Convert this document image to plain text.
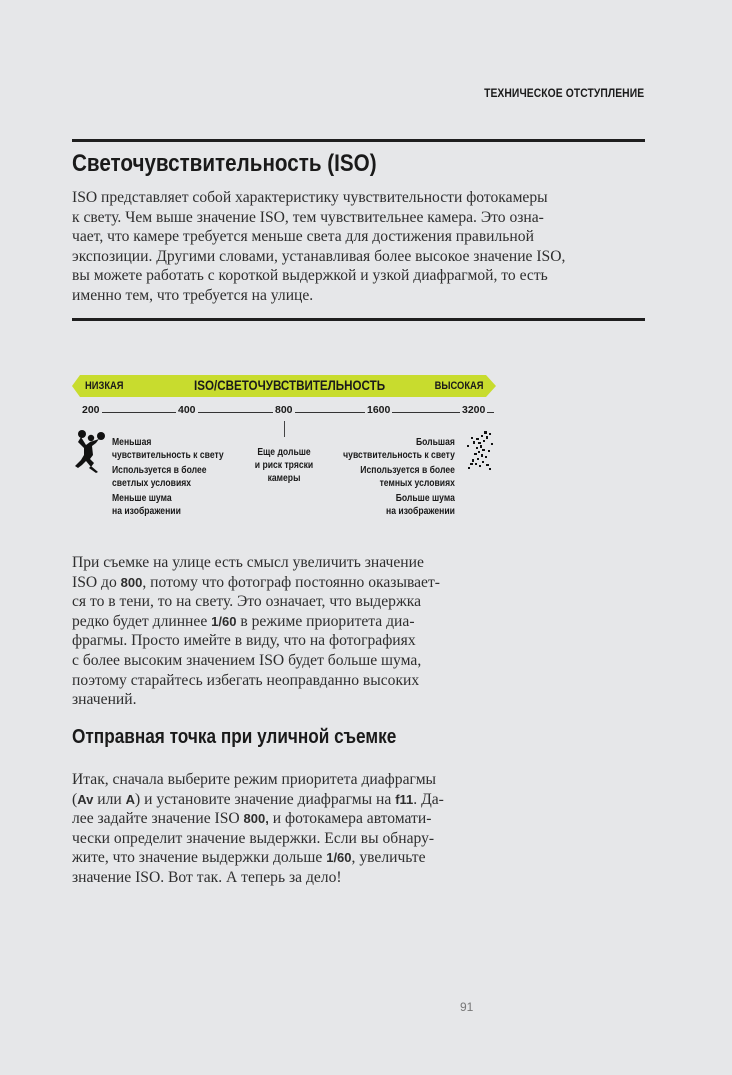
ТЕХНИЧЕСКОЕ ОТСТУПЛЕНИЕ
Светочувствительность (ISO)

ISO представляет собой характеристику чувствительности фотокамеры

к свету. Чем выше значение ISO, тем чувствительнее камера. Это озна-

чает, что камере требуется меньше света для достижения правильной

экспозиции. Другими словами, устанавливая более высокое значение ISO,

вы можете работать с короткой выдержкой и узкой диафрагмой, то есть

именно тем, что требуется на улице.

НИЗКАЯ	ISO/СВЕТОЧУВСТВИТЕЛЬНОСТЬ	ВЫСОКАЯ
200	400	800	1600	3200

Меньшая

чувствительность к свету

Используется в более

светлых условиях

Меньше шума

на изображении

Еще дольше

и риск тряски

камеры

Большая

чувствительность к свету

Используется в более

темных условиях

Больше шума

на изображении

При съемке на улице есть смысл увеличить значение

ISO до 800, потому что фотограф постоянно оказывает-

ся то в тени, то на свету. Это означает, что выдержка

редко будет длиннее 1/60 в режиме приоритета диа-

фрагмы. Просто имейте в виду, что на фотографиях

с более высоким значением ISO будет больше шума,

поэтому старайтесь избегать неоправданно высоких

значений.

Отправная точка при уличной съемке

Итак, сначала выберите режим приоритета диафрагмы

(Av или A) и установите значение диафрагмы на f11. Да-

лее задайте значение ISO 800, и фотокамера автомати-

чески определит значение выдержки. Если вы обнару-

жите, что значение выдержки дольше 1/60, увеличьте

значение ISO. Вот так. А теперь за дело!

91
